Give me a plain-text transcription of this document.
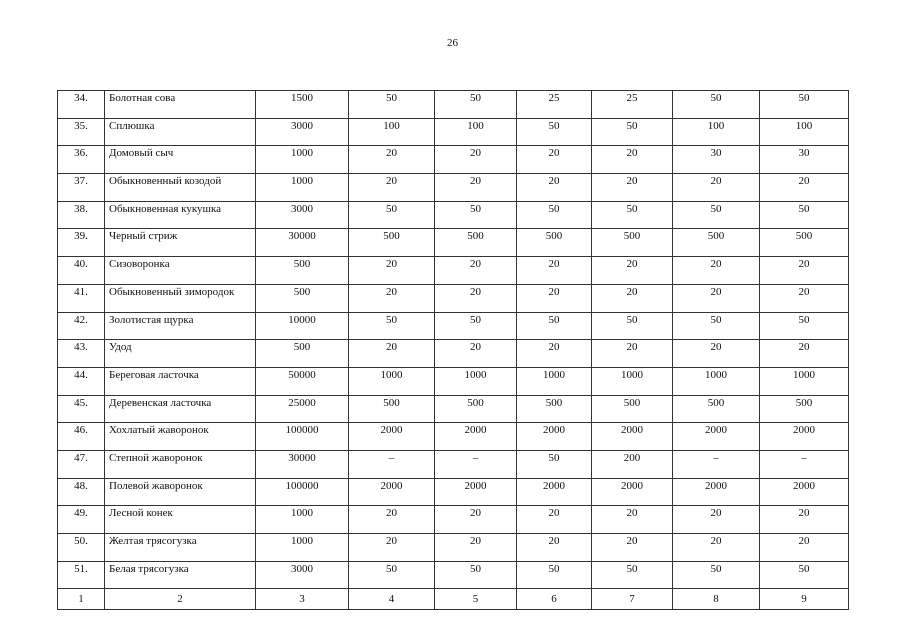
26
34.	Болотная сова	1500	50	50	25	25	50	50
35.	Сплюшка	3000	100	100	50	50	100	100
36.	Домовый сыч	1000	20	20	20	20	30	30
37.	Обыкновенный козодой	1000	20	20	20	20	20	20
38.	Обыкновенная кукушка	3000	50	50	50	50	50	50
39.	Черный стриж	30000	500	500	500	500	500	500
40.	Сизоворонка	500	20	20	20	20	20	20
41.	Обыкновенный зимородок	500	20	20	20	20	20	20
42.	Золотистая щурка	10000	50	50	50	50	50	50
43.	Удод	500	20	20	20	20	20	20
44.	Береговая ласточка	50000	1000	1000	1000	1000	1000	1000
45.	Деревенская ласточка	25000	500	500	500	500	500	500
46.	Хохлатый жаворонок	100000	2000	2000	2000	2000	2000	2000
47.	Степной жаворонок	30000	–	–	50	200	–	–
48.	Полевой жаворонок	100000	2000	2000	2000	2000	2000	2000
49.	Лесной конек	1000	20	20	20	20	20	20
50.	Желтая трясогузка	1000	20	20	20	20	20	20
51.	Белая трясогузка	3000	50	50	50	50	50	50
1	2	3	4	5	6	7	8	9
